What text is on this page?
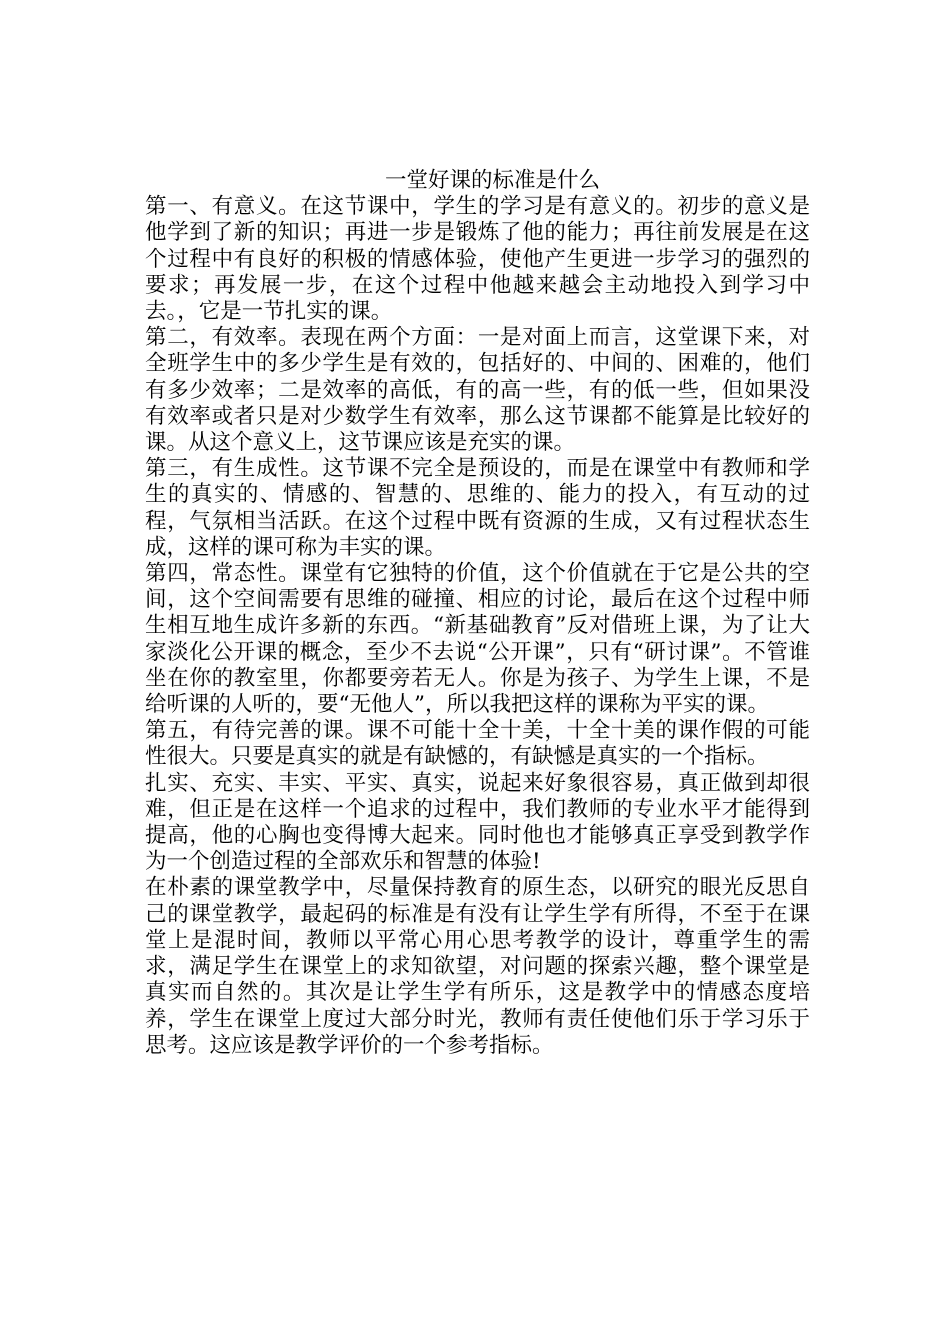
一堂好课的标准是什么

第一、有意义。在这节课中，学生的学习是有意义的。初步的意义是他学到了新的知识；再进一步是锻炼了他的能力；再往前发展是在这个过程中有良好的积极的情感体验，使他产生更进一步学习的强烈的要求；再发展一步，在这个过程中他越来越会主动地投入到学习中去。，它是一节扎实的课。

第二，有效率。表现在两个方面：一是对面上而言，这堂课下来，对全班学生中的多少学生是有效的，包括好的、中间的、困难的，他们有多少效率；二是效率的高低，有的高一些，有的低一些，但如果没有效率或者只是对少数学生有效率，那么这节课都不能算是比较好的课。从这个意义上，这节课应该是充实的课。

第三，有生成性。这节课不完全是预设的，而是在课堂中有教师和学生的真实的、情感的、智慧的、思维的、能力的投入，有互动的过程，气氛相当活跃。在这个过程中既有资源的生成，又有过程状态生成，这样的课可称为丰实的课。

第四，常态性。课堂有它独特的价值，这个价值就在于它是公共的空间，这个空间需要有思维的碰撞、相应的讨论，最后在这个过程中师生相互地生成许多新的东西。“新基础教育”反对借班上课，为了让大家淡化公开课的概念，至少不去说“公开课”，只有“研讨课”。不管谁坐在你的教室里，你都要旁若无人。你是为孩子、为学生上课，不是给听课的人听的，要“无他人”，所以我把这样的课称为平实的课。

第五，有待完善的课。课不可能十全十美，十全十美的课作假的可能性很大。只要是真实的就是有缺憾的，有缺憾是真实的一个指标。

扎实、充实、丰实、平实、真实，说起来好象很容易，真正做到却很难，但正是在这样一个追求的过程中，我们教师的专业水平才能得到提高，他的心胸也变得博大起来。同时他也才能够真正享受到教学作为一个创造过程的全部欢乐和智慧的体验!

在朴素的课堂教学中，尽量保持教育的原生态，以研究的眼光反思自己的课堂教学，最起码的标准是有没有让学生学有所得，不至于在课堂上是混时间，教师以平常心用心思考教学的设计，尊重学生的需求，满足学生在课堂上的求知欲望，对问题的探索兴趣，整个课堂是真实而自然的。其次是让学生学有所乐，这是教学中的情感态度培养，学生在课堂上度过大部分时光，教师有责任使他们乐于学习乐于思考。这应该是教学评价的一个参考指标。
